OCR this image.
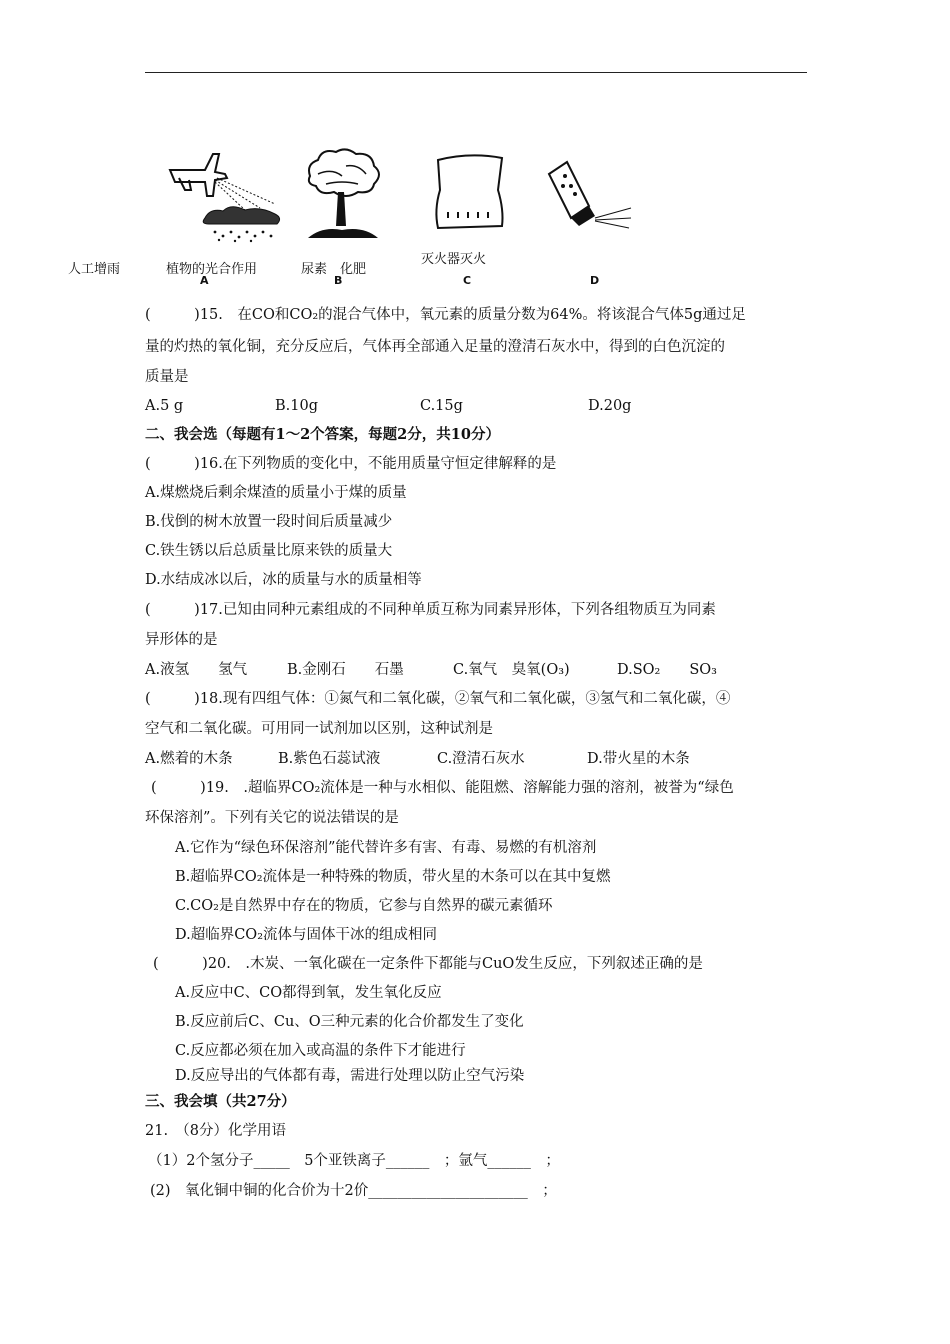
人工增雨	植物的光合作用	尿素　化肥
灭火器灭火
A	B	C	D
(　　　)15.　在CO和CO₂的混合气体中，氧元素的质量分数为64%。将该混合气体5g通过足
量的灼热的氧化铜，充分反应后，气体再全部通入足量的澄清石灰水中，得到的白色沉淀的
质量是
A.5 g	B.10g	C.15g	D.20g
二、我会选（每题有1～2个答案，每题2分，共10分）
(　　　)16.在下列物质的变化中，不能用质量守恒定律解释的是
A.煤燃烧后剩余煤渣的质量小于煤的质量
B.伐倒的树木放置一段时间后质量减少
C.铁生锈以后总质量比原来铁的质量大
D.水结成冰以后，冰的质量与水的质量相等
(　　　)17.已知由同种元素组成的不同种单质互称为同素异形体，下列各组物质互为同素
异形体的是
A.液氢　　氢气	B.金刚石　　石墨	C.氧气　臭氧(O₃)	D.SO₂　　SO₃
(　　　)18.现有四组气体：①氮气和二氧化碳，②氧气和二氧化碳，③氢气和二氧化碳，④
空气和二氧化碳。可用同一试剂加以区别，这种试剂是
A.燃着的木条	B.紫色石蕊试液	C.澄清石灰水	D.带火星的木条
(　　　)19.　.超临界CO₂流体是一种与水相似、能阻燃、溶解能力强的溶剂，被誉为“绿色
环保溶剂”。下列有关它的说法错误的是
A.它作为“绿色环保溶剂”能代替许多有害、有毒、易燃的有机溶剂
B.超临界CO₂流体是一种特殊的物质，带火星的木条可以在其中复燃
C.CO₂是自然界中存在的物质，它参与自然界的碳元素循环
D.超临界CO₂流体与固体干冰的组成相同
(　　　)20.　.木炭、一氧化碳在一定条件下都能与CuO发生反应，下列叙述正确的是
A.反应中C、CO都得到氧，发生氧化反应
B.反应前后C、Cu、O三种元素的化合价都发生了变化
C.反应都必须在加入或高温的条件下才能进行
D.反应导出的气体都有毒，需进行处理以防止空气污染
三、我会填（共27分）
21.　（8分）化学用语
（1）2个氢分子_____　5个亚铁离子______　；氩气______　；
(2)　氧化铜中铜的化合价为十2价______________________　；
